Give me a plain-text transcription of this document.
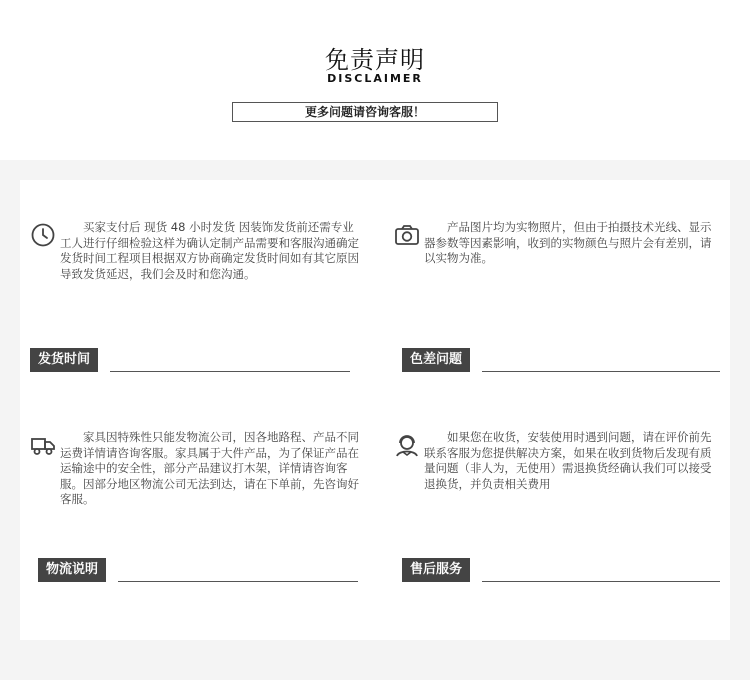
免责声明
DISCLAIMER
更多问题请咨询客服！
买家支付后 现货 48 小时发货 因装饰发货前还需专业工人进行仔细检验这样为确认定制产品需要和客服沟通确定发货时间工程项目根据双方协商确定发货时间如有其它原因导致发货延迟，我们会及时和您沟通。
发货时间
产品图片均为实物照片，但由于拍摄技术光线、显示器参数等因素影响，收到的实物颜色与照片会有差别，请以实物为准。
色差问题
家具因特殊性只能发物流公司，因各地路程、产品不同运费详情请咨询客服。家具属于大件产品，为了保证产品在运输途中的安全性，部分产品建议打木架，详情请咨询客服。因部分地区物流公司无法到达，请在下单前，先咨询好客服。
物流说明
如果您在收货，安装使用时遇到问题，请在评价前先联系客服为您提供解决方案，如果在收到货物后发现有质量问题（非人为，无使用）需退换货经确认我们可以接受退换货，并负责相关费用
售后服务
